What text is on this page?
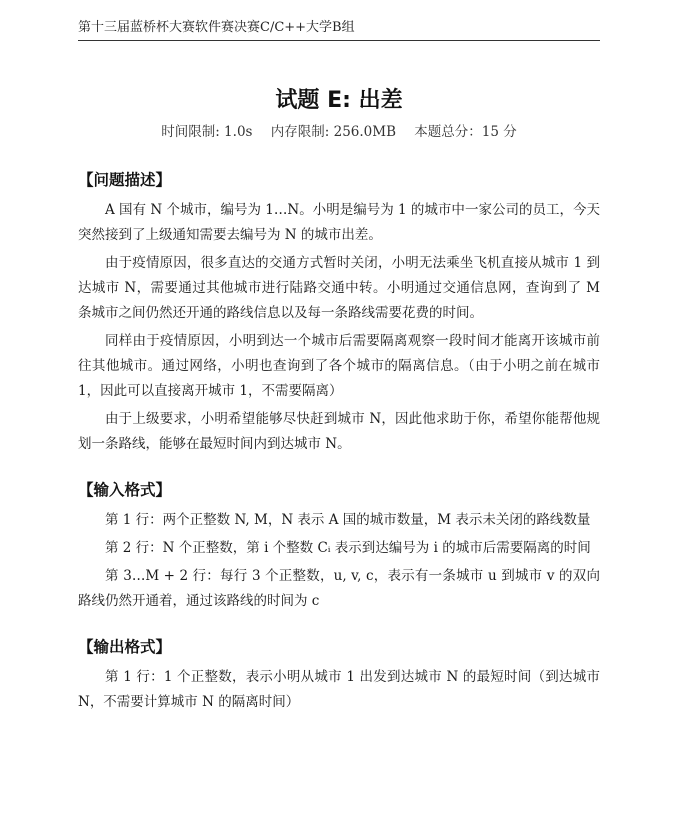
第十三届蓝桥杯大赛软件赛决赛C/C++大学B组
试题 E: 出差
时间限制: 1.0s 内存限制: 256.0MB 本题总分：15 分
【问题描述】

A 国有 N 个城市，编号为 1…N。小明是编号为 1 的城市中一家公司的员工，今天突然接到了上级通知需要去编号为 N 的城市出差。

由于疫情原因，很多直达的交通方式暂时关闭，小明无法乘坐飞机直接从城市 1 到达城市 N，需要通过其他城市进行陆路交通中转。小明通过交通信息网，查询到了 M 条城市之间仍然还开通的路线信息以及每一条路线需要花费的时间。

同样由于疫情原因，小明到达一个城市后需要隔离观察一段时间才能离开该城市前往其他城市。通过网络，小明也查询到了各个城市的隔离信息。（由于小明之前在城市 1，因此可以直接离开城市 1，不需要隔离）

由于上级要求，小明希望能够尽快赶到城市 N，因此他求助于你，希望你能帮他规划一条路线，能够在最短时间内到达城市 N。

【输入格式】

第 1 行：两个正整数 N, M，N 表示 A 国的城市数量，M 表示未关闭的路线数量

第 2 行：N 个正整数，第 i 个整数 Cᵢ 表示到达编号为 i 的城市后需要隔离的时间

第 3…M + 2 行：每行 3 个正整数，u, v, c，表示有一条城市 u 到城市 v 的双向路线仍然开通着，通过该路线的时间为 c

【输出格式】

第 1 行：1 个正整数，表示小明从城市 1 出发到达城市 N 的最短时间（到达城市 N，不需要计算城市 N 的隔离时间）
